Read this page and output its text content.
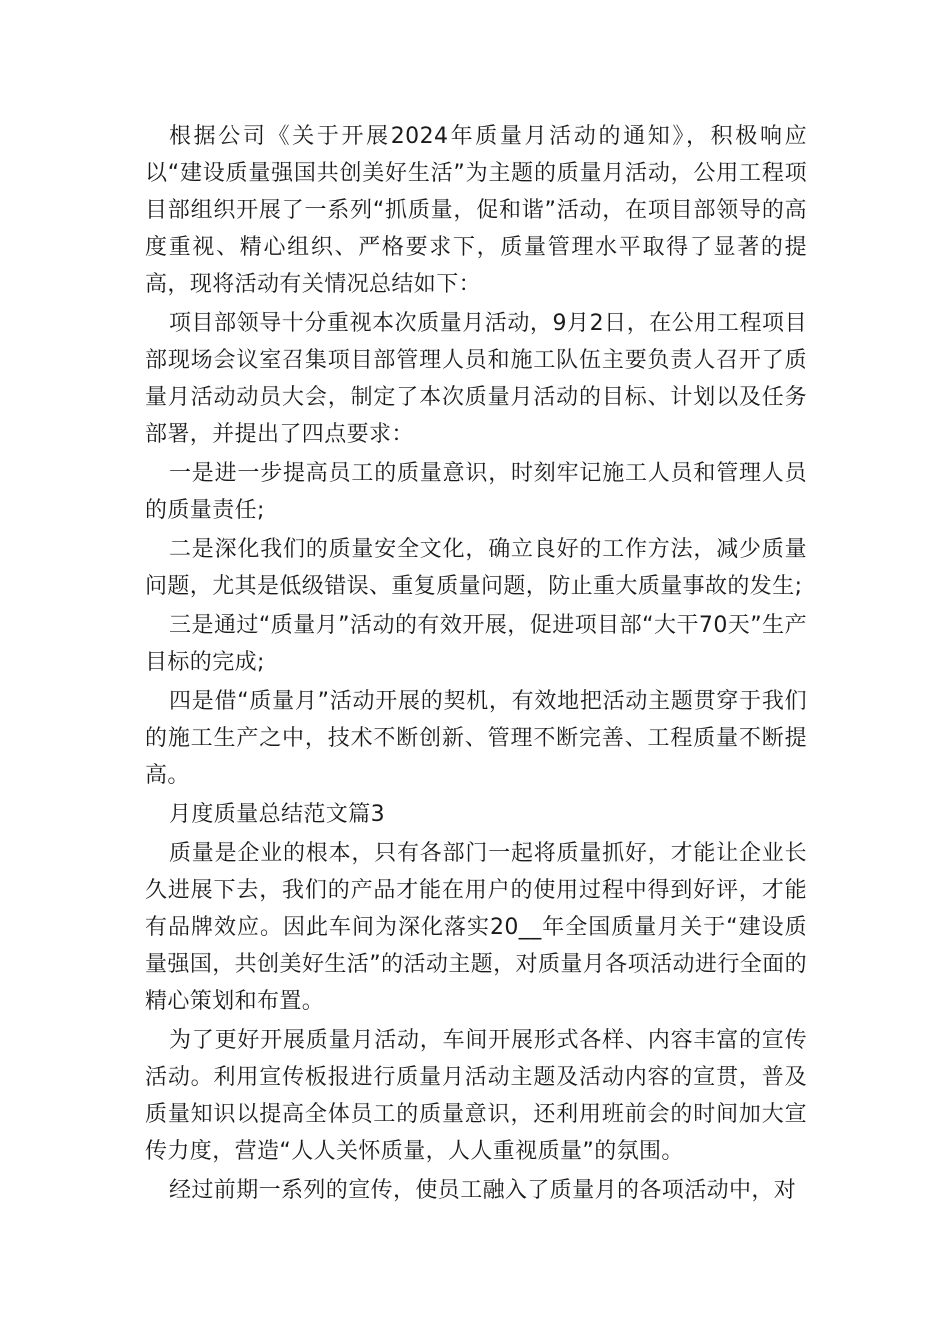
根据公司《关于开展2024年质量月活动的通知》，积极响应以“建设质量强国共创美好生活”为主题的质量月活动，公用工程项目部组织开展了一系列“抓质量，促和谐”活动，在项目部领导的高度重视、精心组织、严格要求下，质量管理水平取得了显著的提高，现将活动有关情况总结如下：

项目部领导十分重视本次质量月活动，9月2日，在公用工程项目部现场会议室召集项目部管理人员和施工队伍主要负责人召开了质量月活动动员大会，制定了本次质量月活动的目标、计划以及任务部署，并提出了四点要求：

一是进一步提高员工的质量意识，时刻牢记施工人员和管理人员的质量责任;

二是深化我们的质量安全文化，确立良好的工作方法，减少质量问题，尤其是低级错误、重复质量问题，防止重大质量事故的发生;

三是通过“质量月”活动的有效开展，促进项目部“大干70天”生产目标的完成;

四是借“质量月”活动开展的契机，有效地把活动主题贯穿于我们的施工生产之中，技术不断创新、管理不断完善、工程质量不断提高。

月度质量总结范文篇3

质量是企业的根本，只有各部门一起将质量抓好，才能让企业长久进展下去，我们的产品才能在用户的使用过程中得到好评，才能有品牌效应。因此车间为深化落实20__年全国质量月关于“建设质量强国，共创美好生活”的活动主题，对质量月各项活动进行全面的精心策划和布置。

为了更好开展质量月活动，车间开展形式各样、内容丰富的宣传活动。利用宣传板报进行质量月活动主题及活动内容的宣贯，普及质量知识以提高全体员工的质量意识，还利用班前会的时间加大宣传力度，营造“人人关怀质量，人人重视质量”的氛围。

经过前期一系列的宣传，使员工融入了质量月的各项活动中，对
